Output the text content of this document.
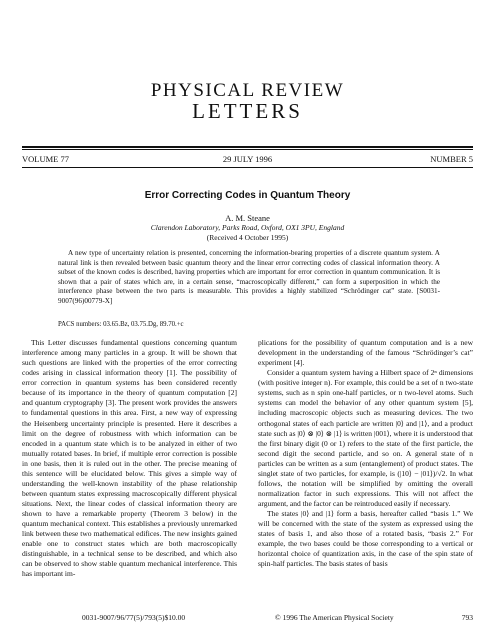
PHYSICAL REVIEW
LETTERS
VOLUME 77	29 JULY 1996	NUMBER 5
Error Correcting Codes in Quantum Theory
A. M. Steane
Clarendon Laboratory, Parks Road, Oxford, OX1 3PU, England
(Received 4 October 1995)

A new type of uncertainty relation is presented, concerning the information-bearing properties of a discrete quantum system. A natural link is then revealed between basic quantum theory and the linear error correcting codes of classical information theory. A subset of the known codes is described, having properties which are important for error correction in quantum communication. It is shown that a pair of states which are, in a certain sense, “macroscopically different,” can form a superposition in which the interference phase between the two parts is measurable. This provides a highly stabilized “Schrödinger cat” state. [S0031-9007(96)00779-X]

PACS numbers: 03.65.Bz, 03.75.Dg, 89.70.+c

This Letter discusses fundamental questions concerning quantum interference among many particles in a group. It will be shown that such questions are linked with the properties of the error correcting codes arising in classical information theory [1]. The possibility of error correction in quantum systems has been considered recently because of its importance in the theory of quantum computation [2] and quantum cryptography [3]. The present work provides the answers to fundamental questions in this area. First, a new way of expressing the Heisenberg uncertainty principle is presented. Here it describes a limit on the degree of robustness with which information can be encoded in a quantum state which is to be analyzed in either of two mutually rotated bases. In brief, if multiple error correction is possible in one basis, then it is ruled out in the other. The precise meaning of this sentence will be elucidated below. This gives a simple way of understanding the well-known instability of the phase relationship between quantum states expressing macroscopically different physical situations. Next, the linear codes of classical information theory are shown to have a remarkable property (Theorem 3 below) in the quantum mechanical context. This establishes a previously unremarked link between these two mathematical edifices. The new insights gained enable one to construct states which are both macroscopically distinguishable, in a technical sense to be described, and which also can be observed to show stable quantum mechanical interference. This has important im-

plications for the possibility of quantum computation and is a new development in the understanding of the famous “Schrödinger’s cat” experiment [4].

Consider a quantum system having a Hilbert space of 2ⁿ dimensions (with positive integer n). For example, this could be a set of n two-state systems, such as n spin one-half particles, or n two-level atoms. Such systems can model the behavior of any other quantum system [5], including macroscopic objects such as measuring devices. The two orthogonal states of each particle are written |0⟩ and |1⟩, and a product state such as |0⟩ ⊗ |0⟩ ⊗ |1⟩ is written |001⟩, where it is understood that the first binary digit (0 or 1) refers to the state of the first particle, the second digit the second particle, and so on. A general state of n particles can be written as a sum (entanglement) of product states. The singlet state of two particles, for example, is (|10⟩ − |01⟩)/√2. In what follows, the notation will be simplified by omitting the overall normalization factor in such expressions. This will not affect the argument, and the factor can be reintroduced easily if necessary.

The states |0⟩ and |1⟩ form a basis, hereafter called “basis 1.” We will be concerned with the state of the system as expressed using the states of basis 1, and also those of a rotated basis, “basis 2.” For example, the two bases could be those corresponding to a vertical or horizontal choice of quantization axis, in the case of the spin state of spin-half particles. The basis states of basis

0031-9007/96/77(5)/793(5)$10.00	© 1996 The American Physical Society	793
